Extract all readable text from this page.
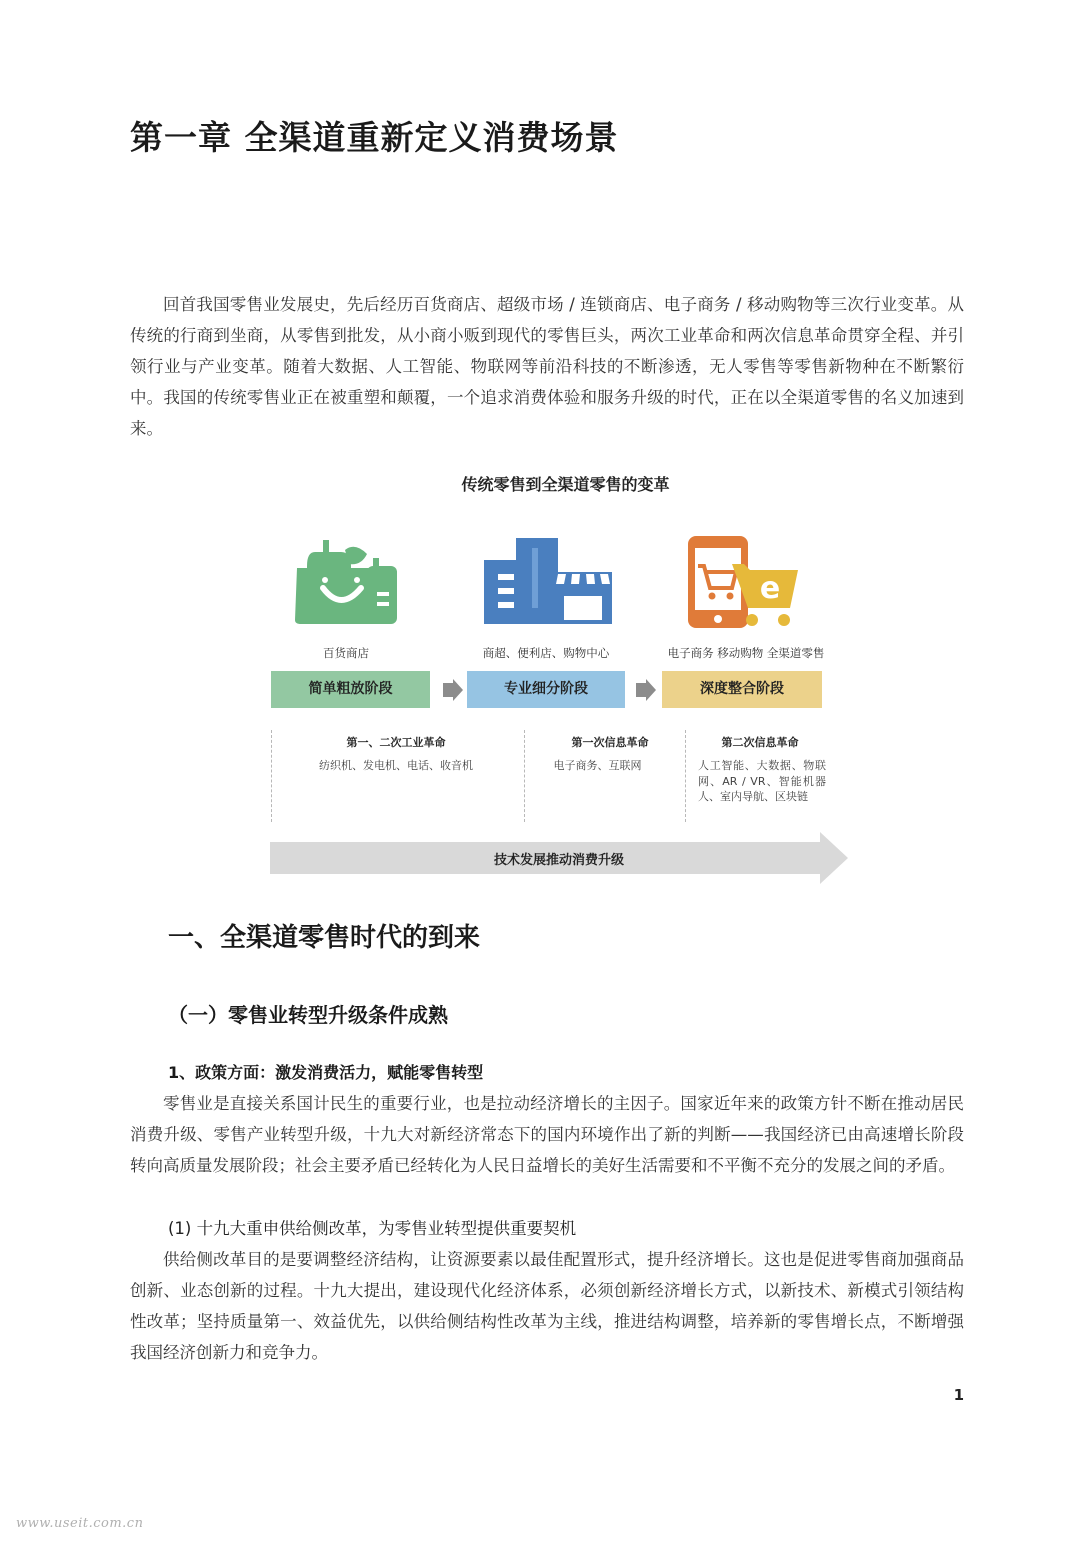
第一章 全渠道重新定义消费场景

回首我国零售业发展史，先后经历百货商店、超级市场 / 连锁商店、电子商务 / 移动购物等三次行业变革。从传统的行商到坐商，从零售到批发，从小商小贩到现代的零售巨头，两次工业革命和两次信息革命贯穿全程、并引领行业与产业变革。随着大数据、人工智能、物联网等前沿科技的不断渗透，无人零售等零售新物种在不断繁衍中。我国的传统零售业正在被重塑和颠覆，一个追求消费体验和服务升级的时代，正在以全渠道零售的名义加速到来。

传统零售到全渠道零售的变革
e
百货商店	商超、便利店、购物中心	电子商务 移动购物 全渠道零售
简单粗放阶段	专业细分阶段	深度整合阶段
第一、二次工业革命
纺织机、发电机、电话、收音机
第一次信息革命
电子商务、互联网
第二次信息革命
人工智能、大数据、物联网、AR / VR、智能机器人、室内导航、区块链
技术发展推动消费升级
一、全渠道零售时代的到来
（一）零售业转型升级条件成熟
1、政策方面：激发消费活力，赋能零售转型

零售业是直接关系国计民生的重要行业，也是拉动经济增长的主因子。国家近年来的政策方针不断在推动居民消费升级、零售产业转型升级，十九大对新经济常态下的国内环境作出了新的判断——我国经济已由高速增长阶段转向高质量发展阶段；社会主要矛盾已经转化为人民日益增长的美好生活需要和不平衡不充分的发展之间的矛盾。

(1) 十九大重申供给侧改革，为零售业转型提供重要契机

供给侧改革目的是要调整经济结构，让资源要素以最佳配置形式，提升经济增长。这也是促进零售商加强商品创新、业态创新的过程。十九大提出，建设现代化经济体系，必须创新经济增长方式，以新技术、新模式引领结构性改革；坚持质量第一、效益优先，以供给侧结构性改革为主线，推进结构调整，培养新的零售增长点，不断增强我国经济创新力和竞争力。

1
www.useit.com.cn
